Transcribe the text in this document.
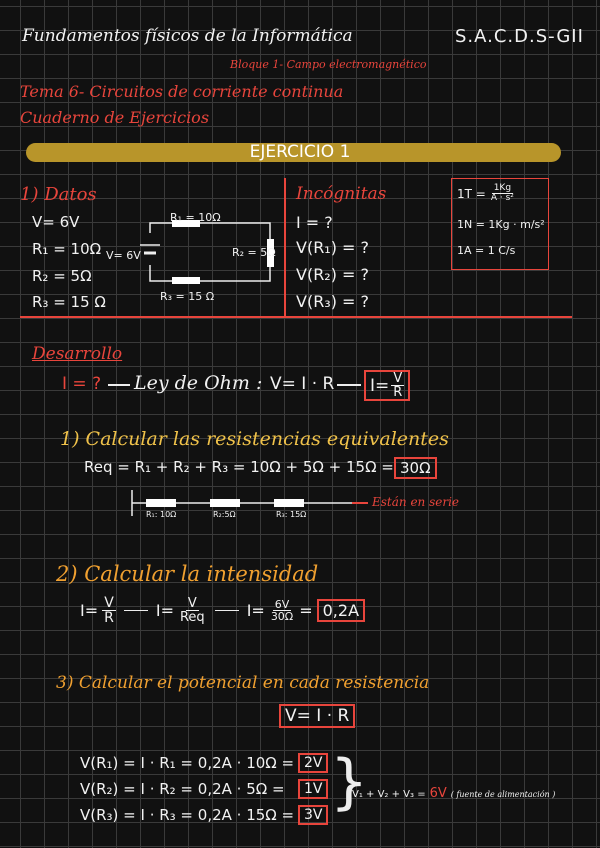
Fundamentos físicos de la Informática	S.A.C.D.S-GII
Bloque 1- Campo electromagnético
Tema 6- Circuitos de corriente continua
Cuaderno de Ejercicios
EJERCICIO 1
1) Datos
V= 6V
R₁ = 10Ω
R₂ = 5Ω
R₃ = 15 Ω
R₁ = 10Ω
R₂ = 5Ω
R₃ = 15 Ω
V= 6V
Incógnitas
I = ?
V(R₁) = ?
V(R₂) = ?
V(R₃) = ?
$1T = \frac{1Kg}{\text{A · s²}}$
1N = 1Kg · m/s²
1A = 1 C/s
Desarrollo
I = ? Ley de Ohm : V= I · R $I= \frac{V}{R}$
1) Calcular las resistencias equivalentes
Req = R₁ + R₂ + R₃ = 10Ω + 5Ω + 15Ω = 30Ω
R₁: 10Ω	R₂:5Ω	R₃: 15Ω
Están en serie
2) Calcular la intensidad
$I= \frac{V}{R}$	$I= \frac{V}{\text{Req}}$	$I= \frac{6V}{30\Omega} = 0,2A$
3) Calcular el potencial en cada resistencia
V= I · R
V(R₁) = I · R₁ = 0,2A · 10Ω = 2V
V(R₂) = I · R₂ = 0,2A · 5Ω =	1V
V(R₃) = I · R₃ = 0,2A · 15Ω = 3V }
V₁ + V₂ + V₃ = 6V ( fuente de alimentación )
